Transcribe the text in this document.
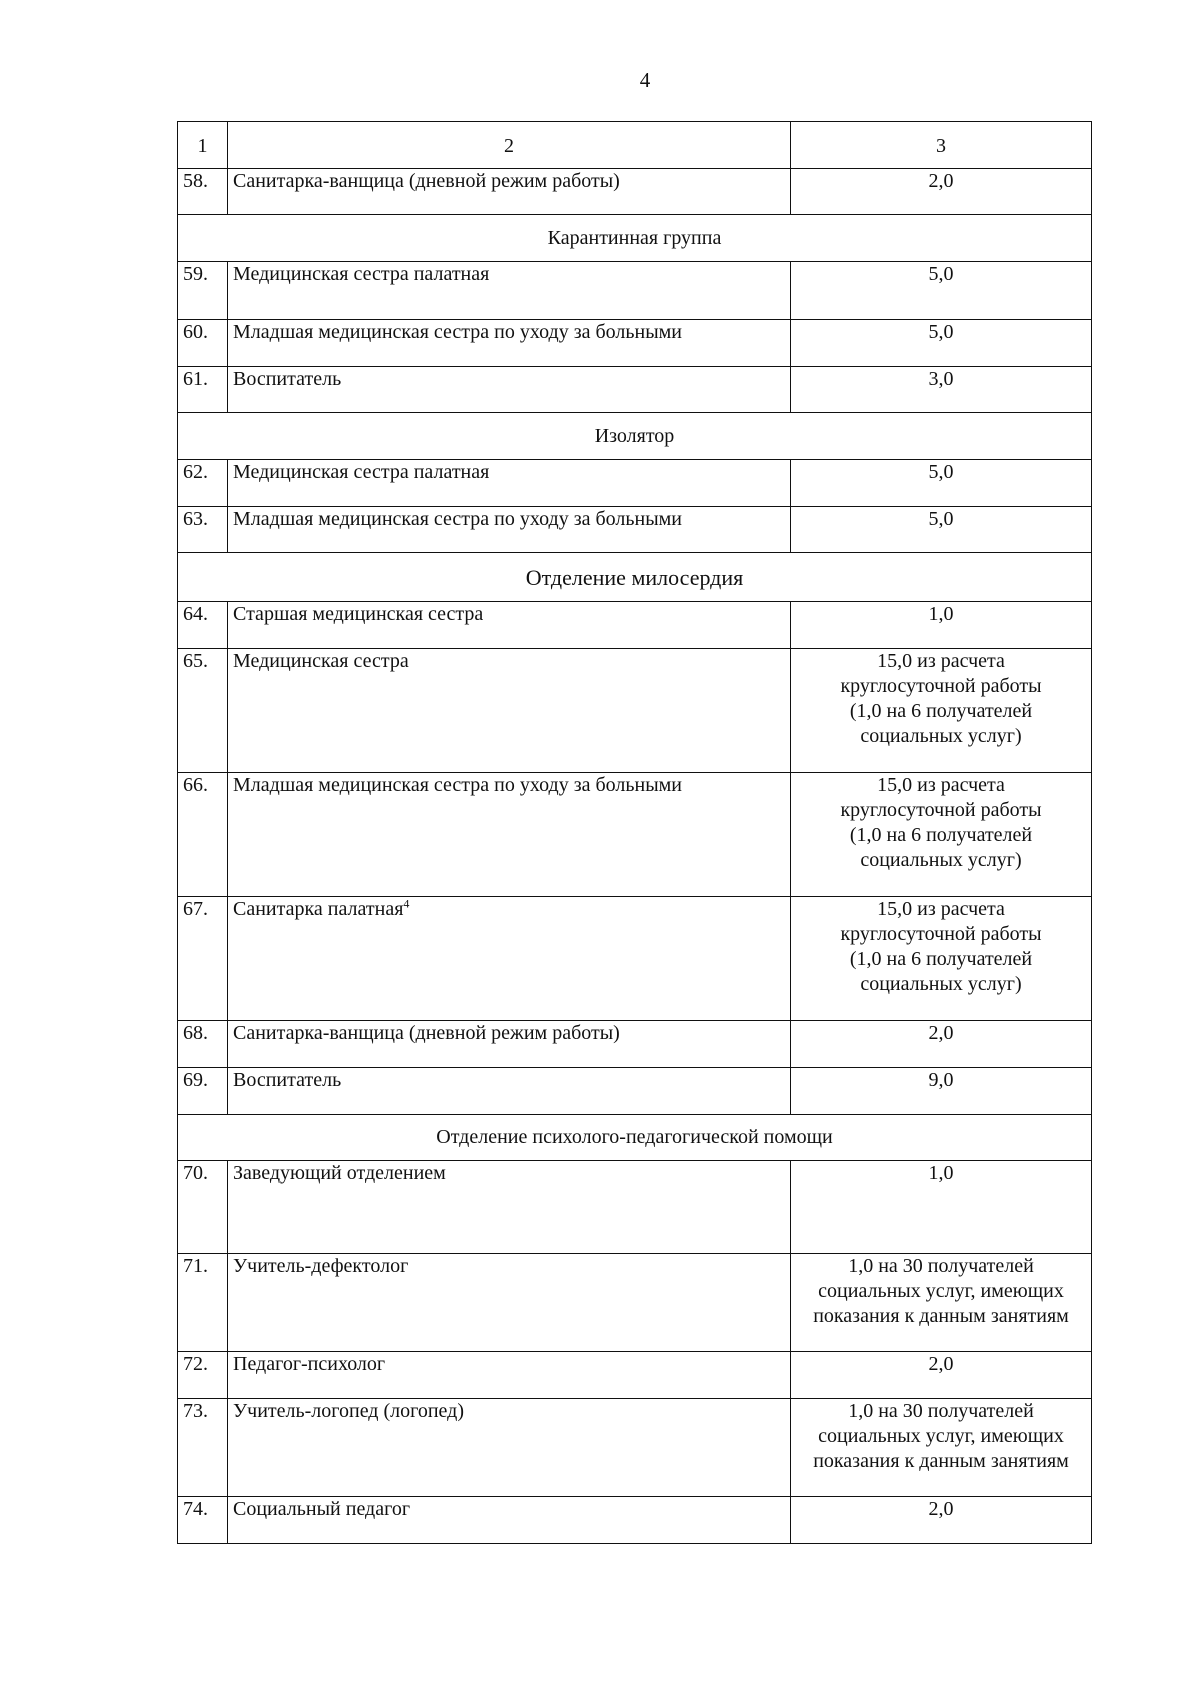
4
1	2	3
58.	Санитарка-ванщица (дневной режим работы)	2,0
Карантинная группа		
59.	Медицинская сестра палатная	5,0
60.	Младшая медицинская сестра по уходу за больными	5,0
61.	Воспитатель	3,0
Изолятор		
62.	Медицинская сестра палатная	5,0
63.	Младшая медицинская сестра по уходу за больными	5,0
Отделение милосердия		
64.	Старшая медицинская сестра	1,0
65.	Медицинская сестра	15,0 из расчета
круглосуточной работы
(1,0 на 6 получателей
социальных услуг)

66.	Младшая медицинская сестра по уходу за больными	15,0 из расчета
круглосуточной работы
(1,0 на 6 получателей
социальных услуг)

67.	Санитарка палатная$^4$	15,0 из расчета
круглосуточной работы
(1,0 на 6 получателей
социальных услуг)

68.	Санитарка-ванщица (дневной режим работы)	2,0
69.	Воспитатель	9,0
Отделение психолого-педагогической помощи		
70.	Заведующий отделением	1,0
71.	Учитель-дефектолог	1,0 на 30 получателей
социальных услуг, имеющих
показания к данным занятиям

72.	Педагог-психолог	2,0
73.	Учитель-логопед (логопед)	1,0 на 30 получателей
социальных услуг, имеющих
показания к данным занятиям

74.	Социальный педагог	2,0
